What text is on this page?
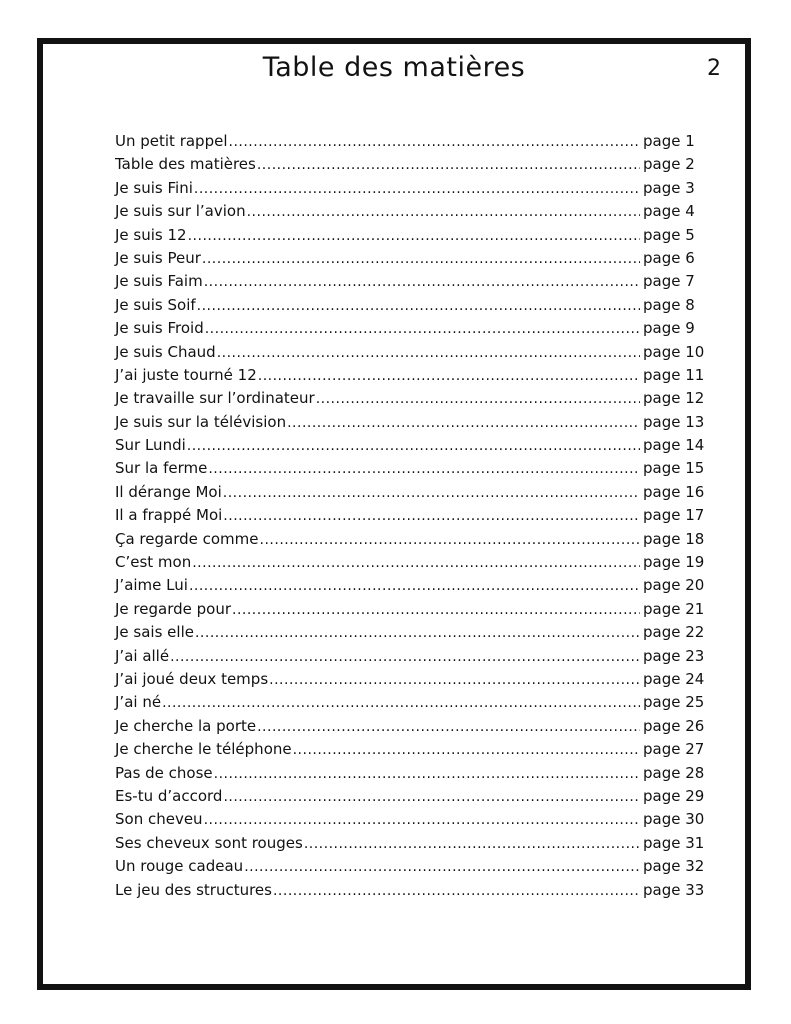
Table des matières	2
Un petit rappel .....	page 1
Table des matières .....	page 2
Je suis Fini .....	page 3
Je suis sur l’avion .....	page 4
Je suis 12 .....	page 5
Je suis Peur .....	page 6
Je suis Faim .....	page 7
Je suis Soif .....	page 8
Je suis Froid .....	page 9
Je suis Chaud .....	page 10
J’ai juste tourné 12 .....	page 11
Je travaille sur l’ordinateur .....	page 12
Je suis sur la télévision .....	page 13
Sur Lundi .....	page 14
Sur la ferme .....	page 15
Il dérange Moi .....	page 16
Il a frappé Moi .....	page 17
Ça regarde comme .....	page 18
C’est mon .....	page 19
J’aime Lui .....	page 20
Je regarde pour .....	page 21
Je sais elle .....	page 22
J’ai allé .....	page 23
J’ai joué deux temps .....	page 24
J’ai né .....	page 25
Je cherche la porte .....	page 26
Je cherche le téléphone .....	page 27
Pas de chose .....	page 28
Es-tu d’accord .....	page 29
Son cheveu .....	page 30
Ses cheveux sont rouges .....	page 31
Un rouge cadeau .....	page 32
Le jeu des structures .....	page 33
